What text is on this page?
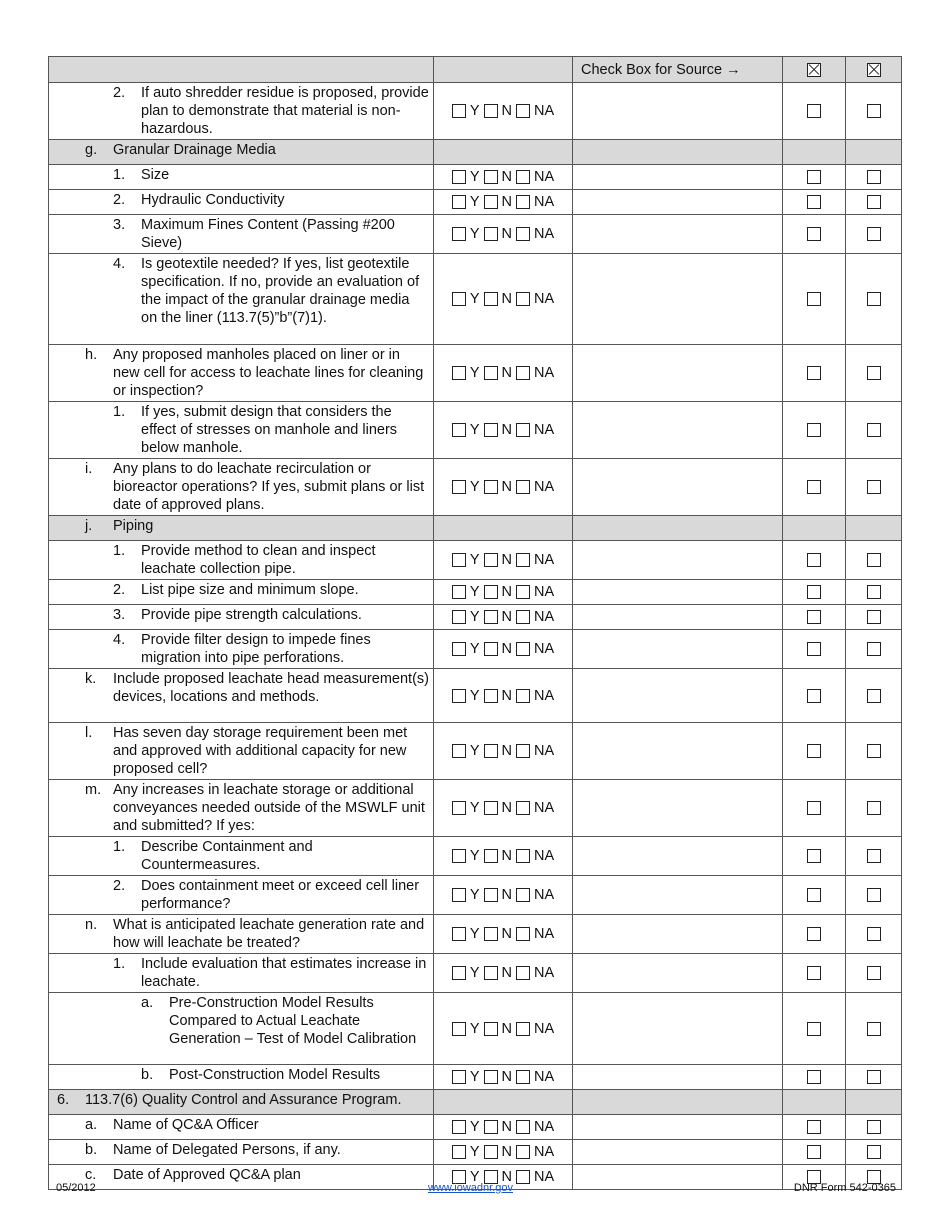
		Check Box for Source →		

2. If auto shredder residue is proposed, provide plan to demonstrate that material is non-hazardous.	Y N NA			

g. Granular Drainage Media				

1. Size	Y N NA			

2. Hydraulic Conductivity	Y N NA			

3. Maximum Fines Content (Passing #200 Sieve)	Y N NA			

4. Is geotextile needed? If yes, list geotextile specification. If no, provide an evaluation of the impact of the granular drainage media on the liner (113.7(5)”b”(7)1).	Y N NA			

h. Any proposed manholes placed on liner or in new cell for access to leachate lines for cleaning or inspection?	Y N NA			

1. If yes, submit design that considers the effect of stresses on manhole and liners below manhole.	Y N NA			

i. Any plans to do leachate recirculation or bioreactor operations? If yes, submit plans or list date of approved plans.	Y N NA			

j. Piping				

1. Provide method to clean and inspect leachate collection pipe.	Y N NA			

2. List pipe size and minimum slope.	Y N NA			

3. Provide pipe strength calculations.	Y N NA			

4. Provide filter design to impede fines migration into pipe perforations.	Y N NA			

k. Include proposed leachate head measurement(s) devices, locations and methods.	Y N NA			

l. Has seven day storage requirement been met and approved with additional capacity for new proposed cell?	Y N NA			

m. Any increases in leachate storage or additional conveyances needed outside of the MSWLF unit and submitted? If yes:	Y N NA			

1. Describe Containment and Countermeasures.	Y N NA			

2. Does containment meet or exceed cell liner performance?	Y N NA			

n. What is anticipated leachate generation rate and how will leachate be treated?	Y N NA			

1. Include evaluation that estimates increase in leachate.	Y N NA			

a. Pre-Construction Model Results Compared to Actual Leachate Generation – Test of Model Calibration	Y N NA			

b. Post-Construction Model Results	Y N NA			

6. 113.7(6) Quality Control and Assurance Program.				

a. Name of QC&A Officer	Y N NA			

b. Name of Delegated Persons, if any.	Y N NA			

c. Date of Approved QC&A plan	Y N NA			

05/2012	www.iowadnr.gov	DNR Form 542-0365
